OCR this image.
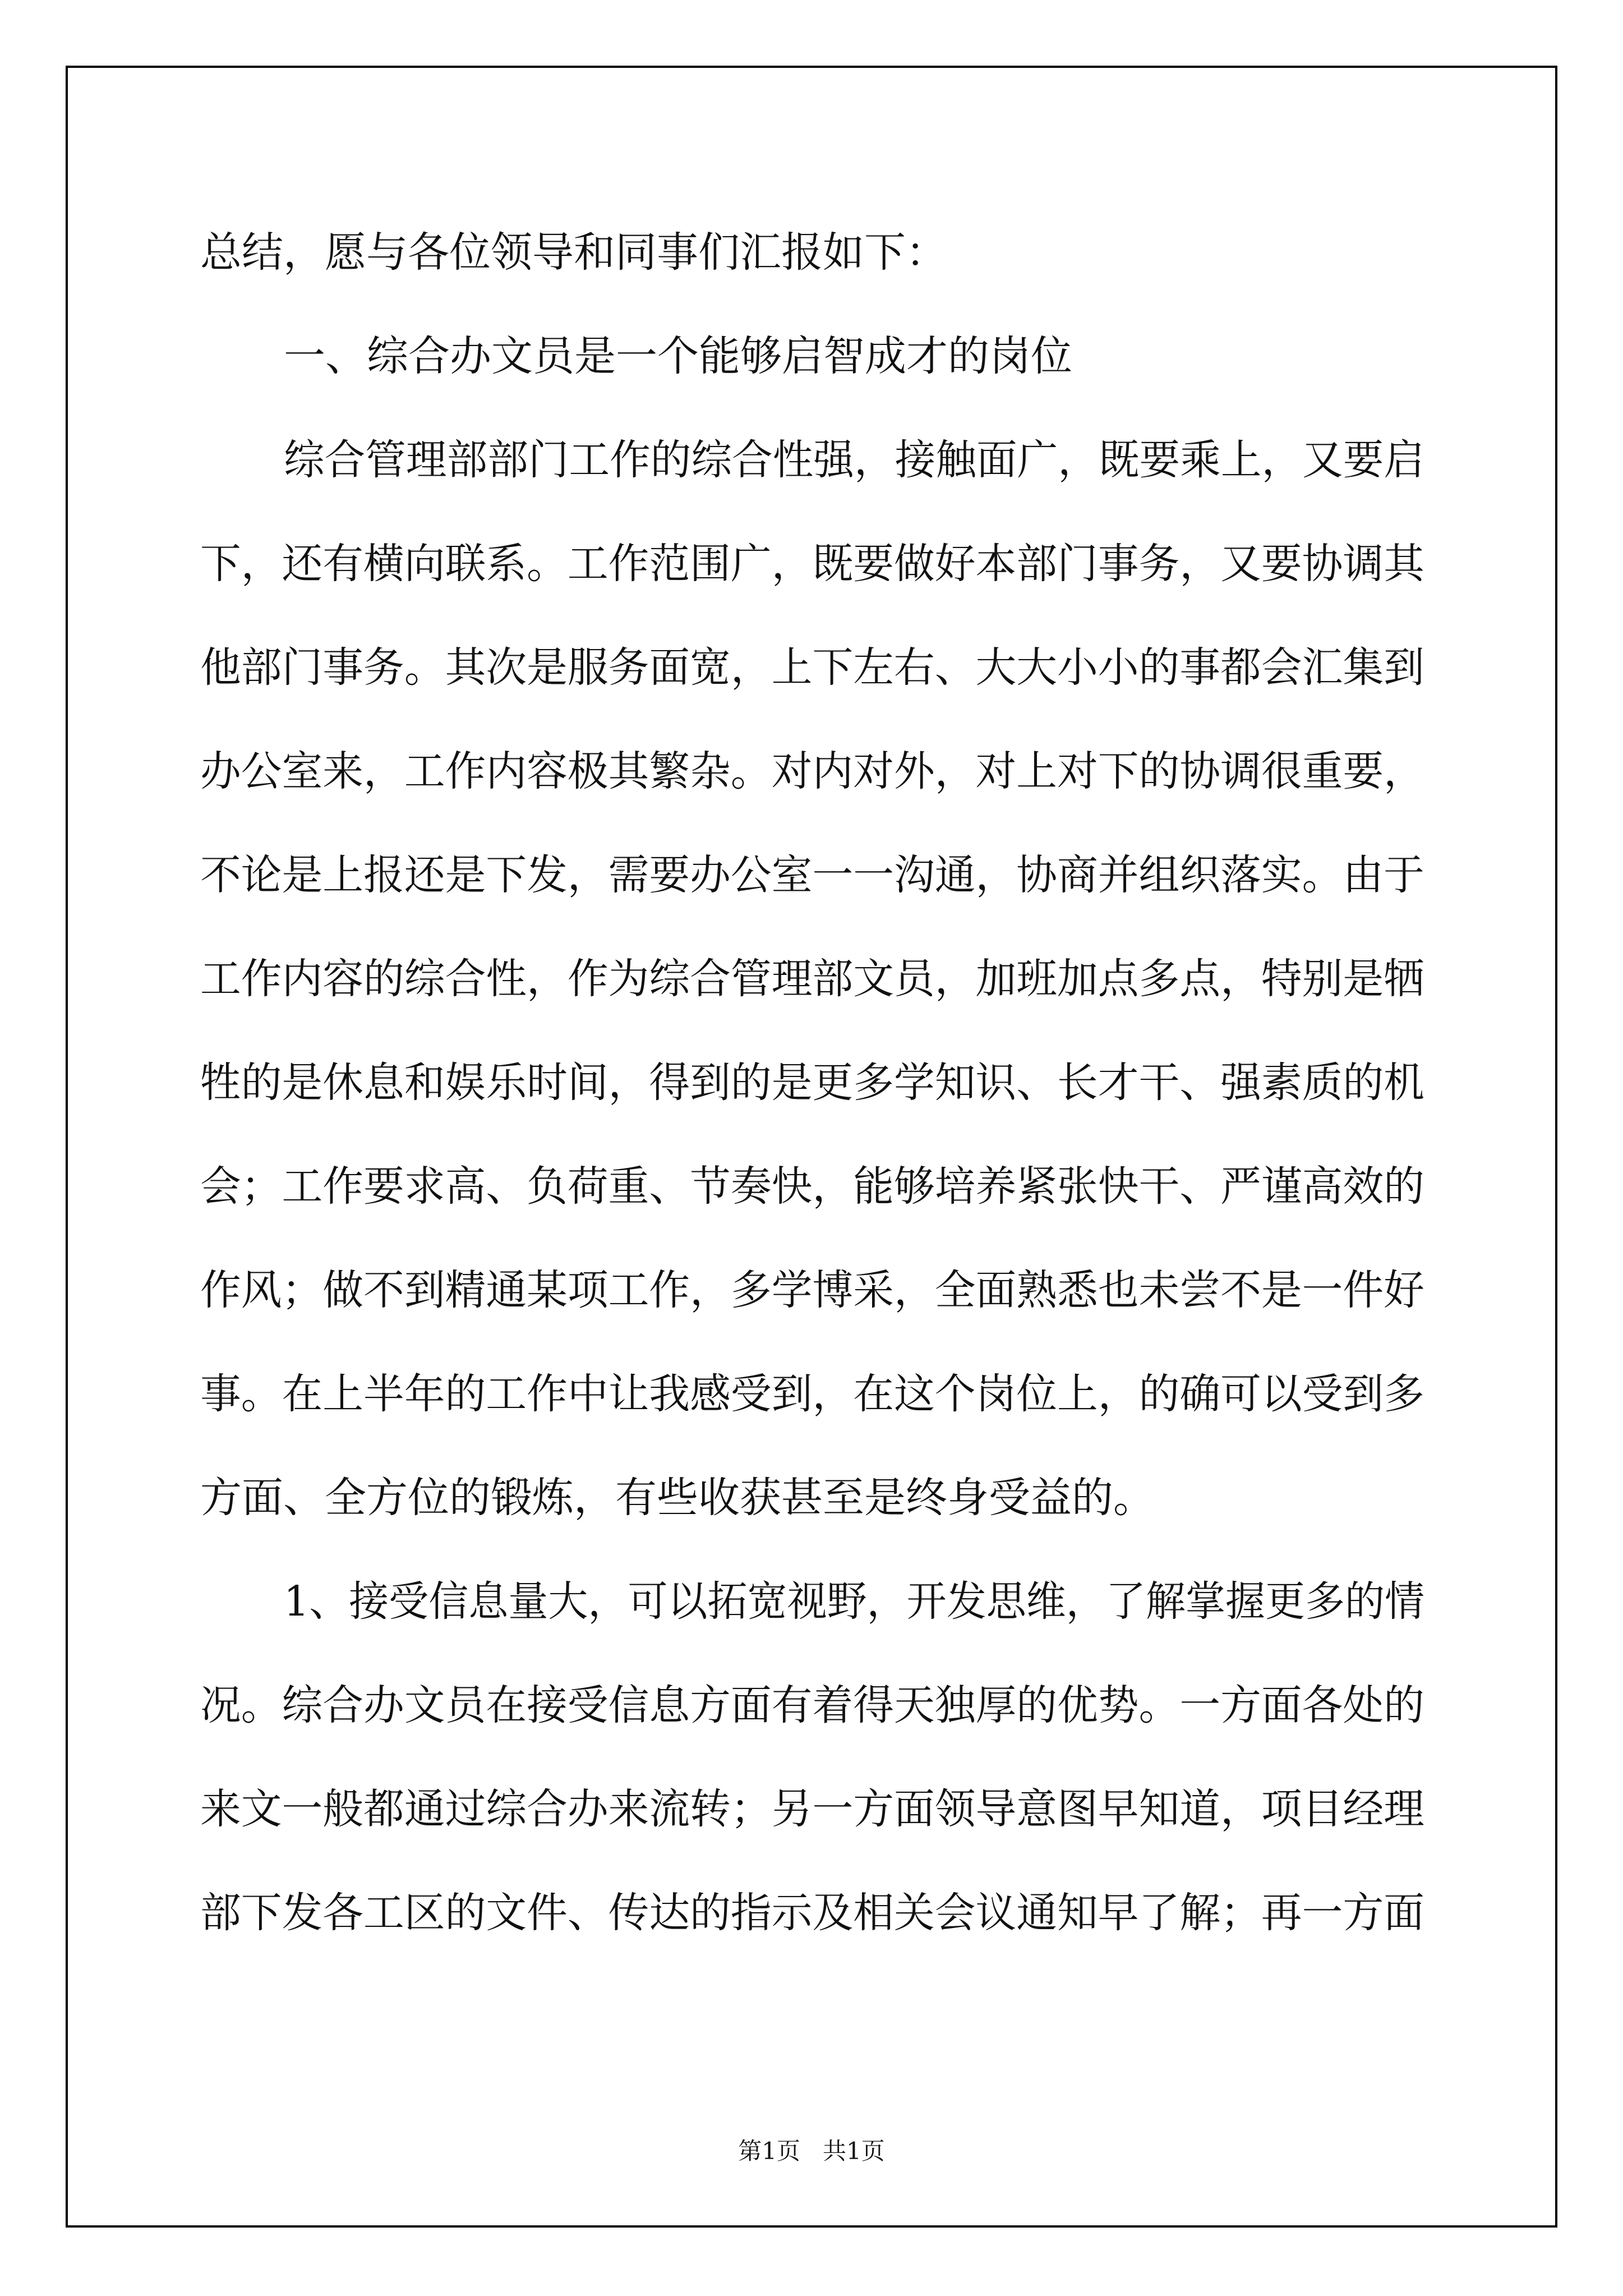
总结，愿与各位领导和同事们汇报如下：
一、综合办文员是一个能够启智成才的岗位
综合管理部部门工作的综合性强，接触面广，既要乘上，又要启
下，还有横向联系。工作范围广，既要做好本部门事务，又要协调其
他部门事务。其次是服务面宽，上下左右、大大小小的事都会汇集到
办公室来，工作内容极其繁杂。对内对外，对上对下的协调很重要，
不论是上报还是下发，需要办公室一一沟通，协商并组织落实。由于
工作内容的综合性，作为综合管理部文员，加班加点多点，特别是牺
牲的是休息和娱乐时间，得到的是更多学知识、长才干、强素质的机
会；工作要求高、负荷重、节奏快，能够培养紧张快干、严谨高效的
作风；做不到精通某项工作，多学博采，全面熟悉也未尝不是一件好
事。在上半年的工作中让我感受到，在这个岗位上，的确可以受到多
方面、全方位的锻炼，有些收获甚至是终身受益的。
1、接受信息量大，可以拓宽视野，开发思维，了解掌握更多的情
况。综合办文员在接受信息方面有着得天独厚的优势。一方面各处的
来文一般都通过综合办来流转；另一方面领导意图早知道，项目经理
部下发各工区的文件、传达的指示及相关会议通知早了解；再一方面
第1页   共1页
